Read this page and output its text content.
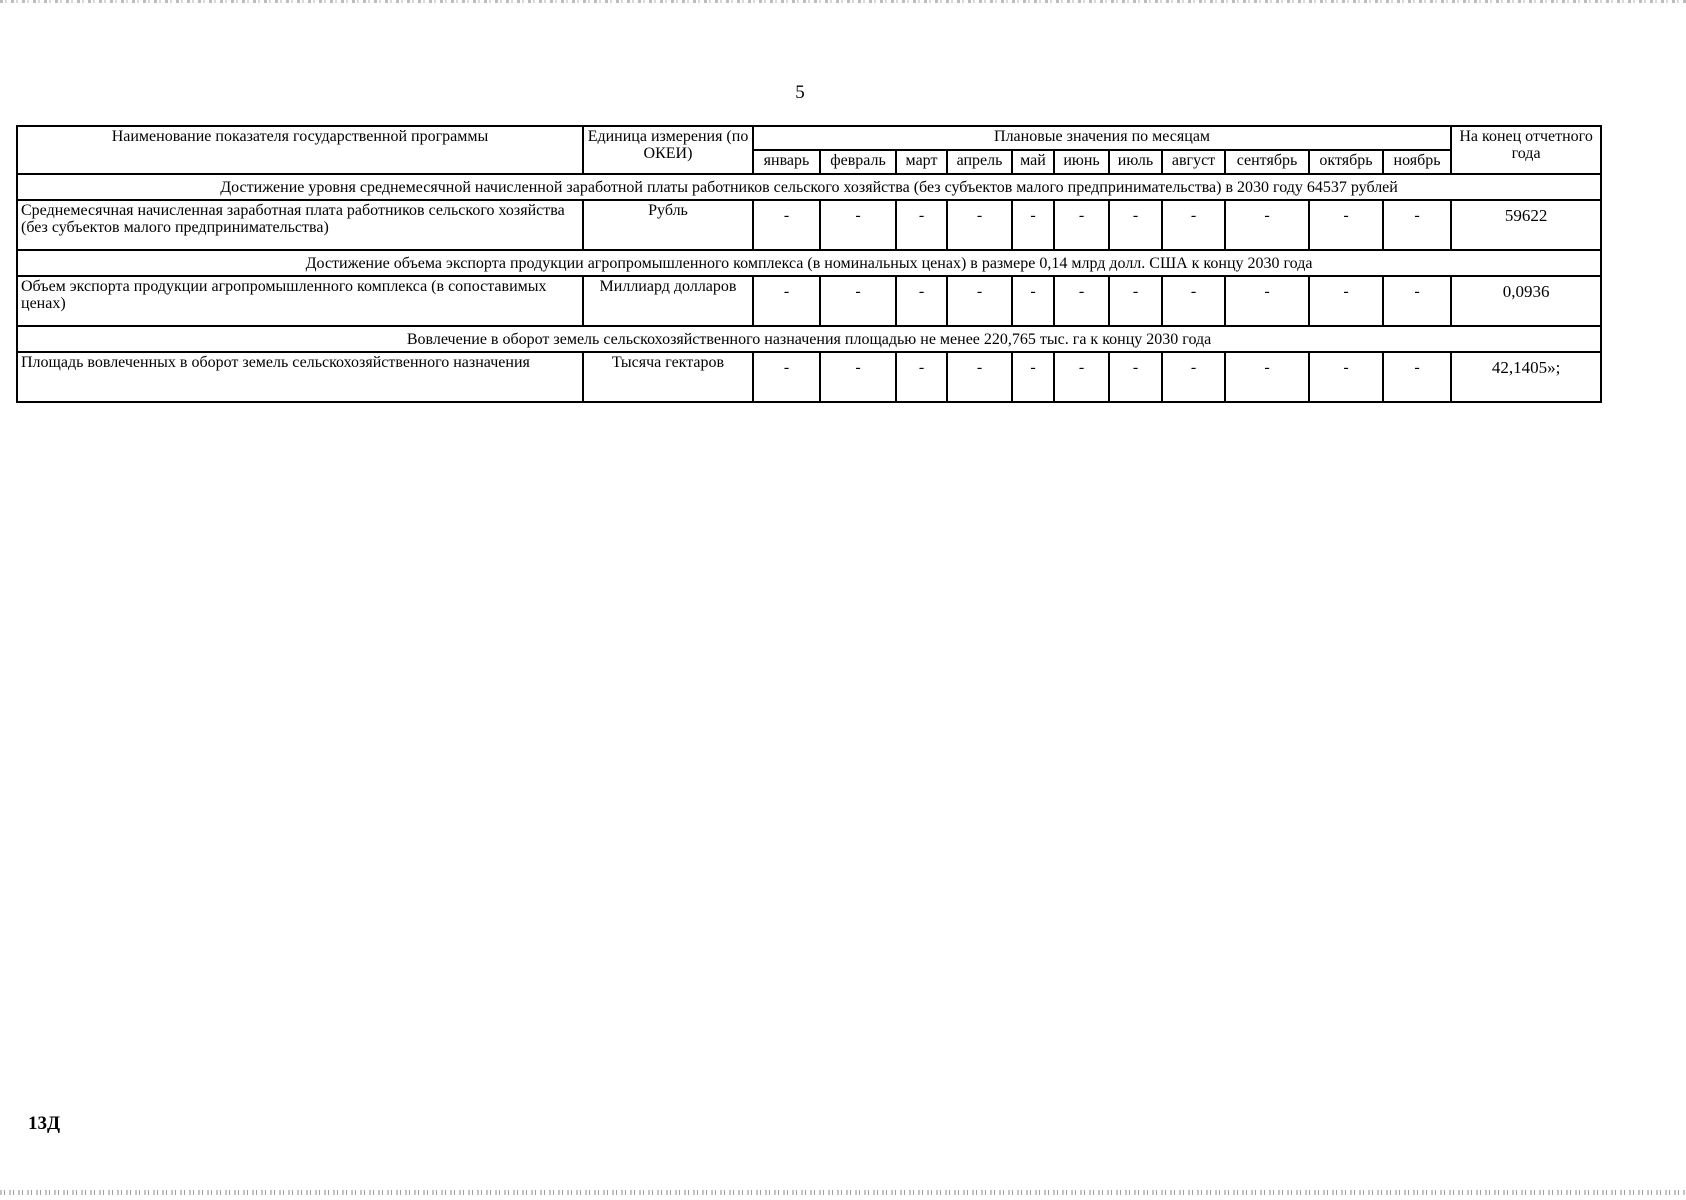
5
Наименование показателя государственной программы	Единица измерения (по ОКЕИ)	Плановые значения по месяцам											На конец отчетного года
		январь	февраль	март	апрель	май	июнь	июль	август	сентябрь	октябрь	ноябрь	
Достижение уровня среднемесячной начисленной заработной платы работников сельского хозяйства (без субъектов малого предпринимательства) в 2030 году 64537 рублей													
Среднемесячная начисленная заработная плата работников сельского хозяйства (без субъектов малого предпринимательства)	Рубль	-	-	-	-	-	-	-	-	-	-	-	59622
Достижение объема экспорта продукции агропромышленного комплекса (в номинальных ценах) в размере 0,14 млрд долл. США к концу 2030 года													
Объем экспорта продукции агропромышленного комплекса (в сопоставимых ценах)	Миллиард долларов	-	-	-	-	-	-	-	-	-	-	-	0,0936
Вовлечение в оборот земель сельскохозяйственного назначения площадью не менее 220,765 тыс. га к концу 2030 года													
Площадь вовлеченных в оборот земель сельскохозяйственного назначения	Тысяча гектаров	-	-	-	-	-	-	-	-	-	-	-	42,1405»;
13Д
